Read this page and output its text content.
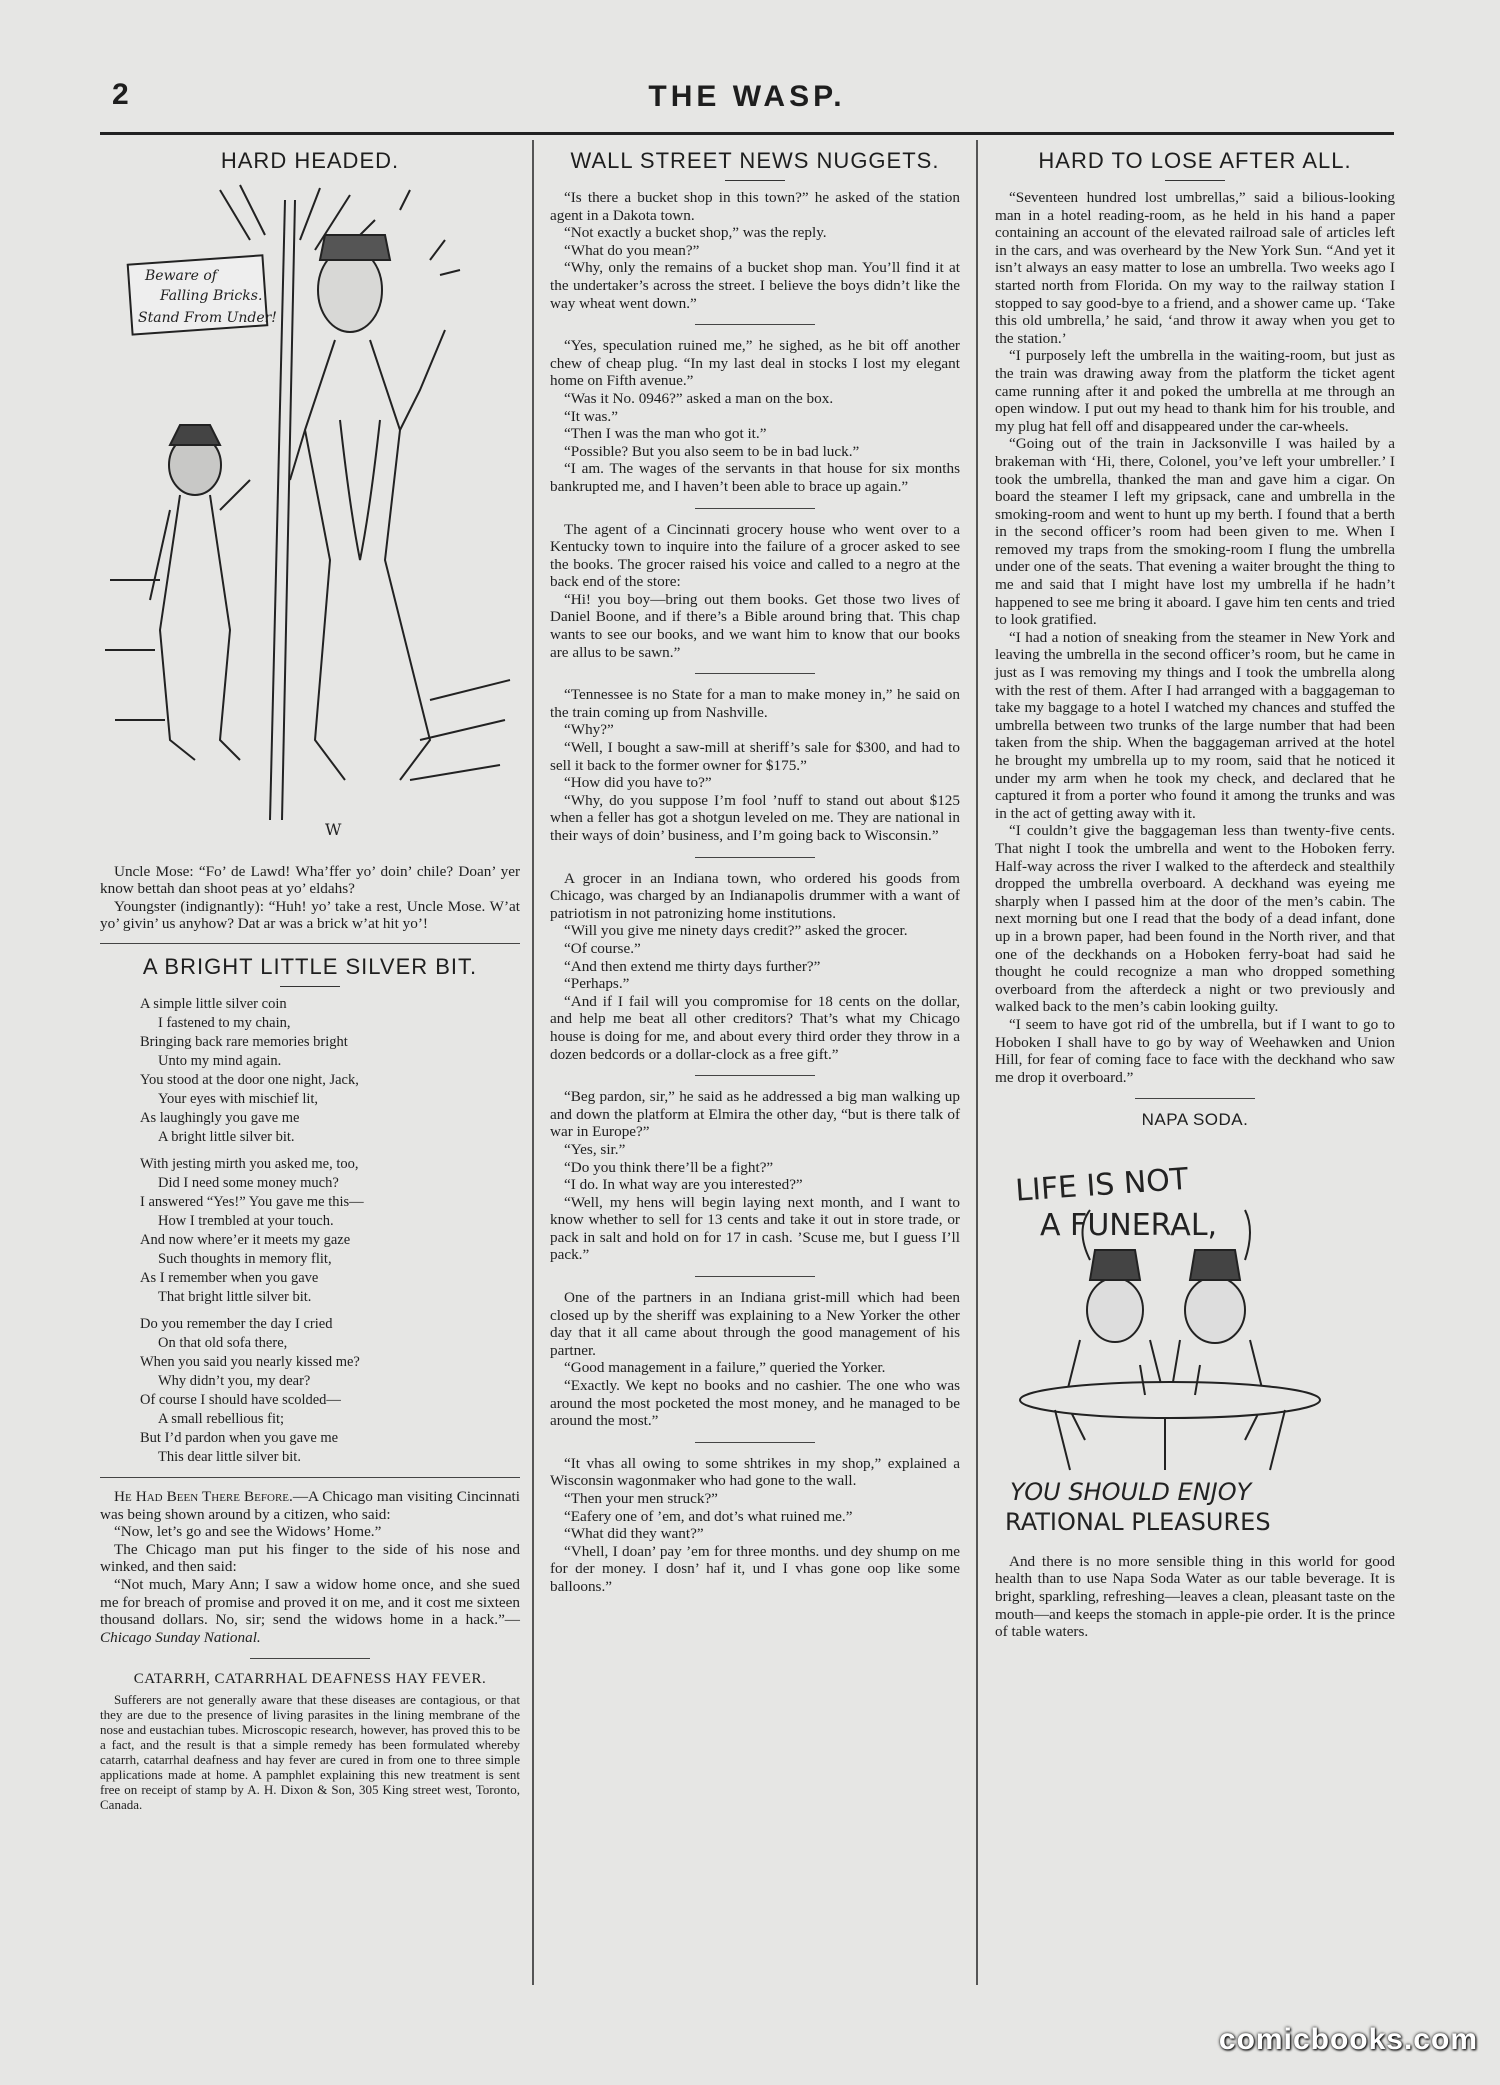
2	THE WASP.
HARD HEADED.
Beware of
Falling Bricks.
Stand From Under!
W

Uncle Mose: “Fo’ de Lawd! Wha’ffer yo’ doin’ chile? Doan’ yer know bettah dan shoot peas at yo’ eldahs?

Youngster (indignantly): “Huh! yo’ take a rest, Uncle Mose. W’at yo’ givin’ us anyhow? Dat ar was a brick w’at hit yo’!

A BRIGHT LITTLE SILVER BIT.
A simple little silver coin
I fastened to my chain,
Bringing back rare memories bright
Unto my mind again.
You stood at the door one night, Jack,
Your eyes with mischief lit,
As laughingly you gave me
A bright little silver bit.
With jesting mirth you asked me, too,
Did I need some money much?
I answered “Yes!” You gave me this—
How I trembled at your touch.
And now where’er it meets my gaze
Such thoughts in memory flit,
As I remember when you gave
That bright little silver bit.
Do you remember the day I cried
On that old sofa there,
When you said you nearly kissed me?
Why didn’t you, my dear?
Of course I should have scolded—
A small rebellious fit;
But I’d pardon when you gave me
This dear little silver bit.

He Had Been There Before.—A Chicago man visiting Cincinnati was being shown around by a citizen, who said:

“Now, let’s go and see the Widows’ Home.”

The Chicago man put his finger to the side of his nose and winked, and then said:

“Not much, Mary Ann; I saw a widow home once, and she sued me for breach of promise and proved it on me, and it cost me sixteen thousand dollars. No, sir; send the widows home in a hack.”—Chicago Sunday National.

CATARRH, CATARRHAL DEAFNESS HAY FEVER.

Sufferers are not generally aware that these diseases are contagious, or that they are due to the presence of living parasites in the lining membrane of the nose and eustachian tubes. Microscopic research, however, has proved this to be a fact, and the result is that a simple remedy has been formulated whereby catarrh, catarrhal deafness and hay fever are cured in from one to three simple applications made at home. A pamphlet explaining this new treatment is sent free on receipt of stamp by A. H. Dixon & Son, 305 King street west, Toronto, Canada.

WALL STREET NEWS NUGGETS.

“Is there a bucket shop in this town?” he asked of the station agent in a Dakota town.

“Not exactly a bucket shop,” was the reply.

“What do you mean?”

“Why, only the remains of a bucket shop man. You’ll find it at the undertaker’s across the street. I believe the boys didn’t like the way wheat went down.”

“Yes, speculation ruined me,” he sighed, as he bit off another chew of cheap plug. “In my last deal in stocks I lost my elegant home on Fifth avenue.”

“Was it No. 0946?” asked a man on the box.

“It was.”

“Then I was the man who got it.”

“Possible? But you also seem to be in bad luck.”

“I am. The wages of the servants in that house for six months bankrupted me, and I haven’t been able to brace up again.”

The agent of a Cincinnati grocery house who went over to a Kentucky town to inquire into the failure of a grocer asked to see the books. The grocer raised his voice and called to a negro at the back end of the store:

“Hi! you boy—bring out them books. Get those two lives of Daniel Boone, and if there’s a Bible around bring that. This chap wants to see our books, and we want him to know that our books are allus to be sawn.”

“Tennessee is no State for a man to make money in,” he said on the train coming up from Nashville.

“Why?”

“Well, I bought a saw-mill at sheriff’s sale for $300, and had to sell it back to the former owner for $175.”

“How did you have to?”

“Why, do you suppose I’m fool ’nuff to stand out about $125 when a feller has got a shotgun leveled on me. They are national in their ways of doin’ business, and I’m going back to Wisconsin.”

A grocer in an Indiana town, who ordered his goods from Chicago, was charged by an Indianapolis drummer with a want of patriotism in not patronizing home institutions.

“Will you give me ninety days credit?” asked the grocer.

“Of course.”

“And then extend me thirty days further?”

“Perhaps.”

“And if I fail will you compromise for 18 cents on the dollar, and help me beat all other creditors? That’s what my Chicago house is doing for me, and about every third order they throw in a dozen bedcords or a dollar-clock as a free gift.”

“Beg pardon, sir,” he said as he addressed a big man walking up and down the platform at Elmira the other day, “but is there talk of war in Europe?”

“Yes, sir.”

“Do you think there’ll be a fight?”

“I do. In what way are you interested?”

“Well, my hens will begin laying next month, and I want to know whether to sell for 13 cents and take it out in store trade, or pack in salt and hold on for 17 in cash. ’Scuse me, but I guess I’ll pack.”

One of the partners in an Indiana grist-mill which had been closed up by the sheriff was explaining to a New Yorker the other day that it all came about through the good management of his partner.

“Good management in a failure,” queried the Yorker.

“Exactly. We kept no books and no cashier. The one who was around the most pocketed the most money, and he managed to be around the most.”

“It vhas all owing to some shtrikes in my shop,” explained a Wisconsin wagonmaker who had gone to the wall.

“Then your men struck?”

“Eafery one of ’em, and dot’s what ruined me.”

“What did they want?”

“Vhell, I doan’ pay ’em for three months. und dey shump on me for der money. I dosn’ haf it, und I vhas gone oop like some balloons.”

HARD TO LOSE AFTER ALL.

“Seventeen hundred lost umbrellas,” said a bilious-looking man in a hotel reading-room, as he held in his hand a paper containing an account of the elevated railroad sale of articles left in the cars, and was overheard by the New York Sun. “And yet it isn’t always an easy matter to lose an umbrella. Two weeks ago I started north from Florida. On my way to the railway station I stopped to say good-bye to a friend, and a shower came up. ‘Take this old umbrella,’ he said, ‘and throw it away when you get to the station.’

“I purposely left the umbrella in the waiting-room, but just as the train was drawing away from the platform the ticket agent came running after it and poked the umbrella at me through an open window. I put out my head to thank him for his trouble, and my plug hat fell off and disappeared under the car-wheels.

“Going out of the train in Jacksonville I was hailed by a brakeman with ‘Hi, there, Colonel, you’ve left your umbreller.’ I took the umbrella, thanked the man and gave him a cigar. On board the steamer I left my gripsack, cane and umbrella in the smoking-room and went to hunt up my berth. I found that a berth in the second officer’s room had been given to me. When I removed my traps from the smoking-room I flung the umbrella under one of the seats. That evening a waiter brought the thing to me and said that I might have lost my umbrella if he hadn’t happened to see me bring it aboard. I gave him ten cents and tried to look gratified.

“I had a notion of sneaking from the steamer in New York and leaving the umbrella in the second officer’s room, but he came in just as I was removing my things and I took the umbrella along with the rest of them. After I had arranged with a baggageman to take my baggage to a hotel I watched my chances and stuffed the umbrella between two trunks of the large number that had been taken from the ship. When the baggageman arrived at the hotel he brought my umbrella up to my room, said that he noticed it under my arm when he took my check, and declared that he captured it from a porter who found it among the trunks and was in the act of getting away with it.

“I couldn’t give the baggageman less than twenty-five cents. That night I took the umbrella and went to the Hoboken ferry. Half-way across the river I walked to the afterdeck and stealthily dropped the umbrella overboard. A deckhand was eyeing me sharply when I passed him at the door of the men’s cabin. The next morning but one I read that the body of a dead infant, done up in a brown paper, had been found in the North river, and that one of the deckhands on a Hoboken ferry-boat had said he thought he could recognize a man who dropped something overboard from the afterdeck a night or two previously and walked back to the men’s cabin looking guilty.

“I seem to have got rid of the umbrella, but if I want to go to Hoboken I shall have to go by way of Weehawken and Union Hill, for fear of coming face to face with the deckhand who saw me drop it overboard.”

NAPA SODA.
LIFE IS NOT
A FUNERAL,
YOU SHOULD ENJOY
RATIONAL PLEASURES

And there is no more sensible thing in this world for good health than to use Napa Soda Water as our table beverage. It is bright, sparkling, refreshing—leaves a clean, pleasant taste on the mouth—and keeps the stomach in apple-pie order. It is the prince of table waters.

comicbooks.com
